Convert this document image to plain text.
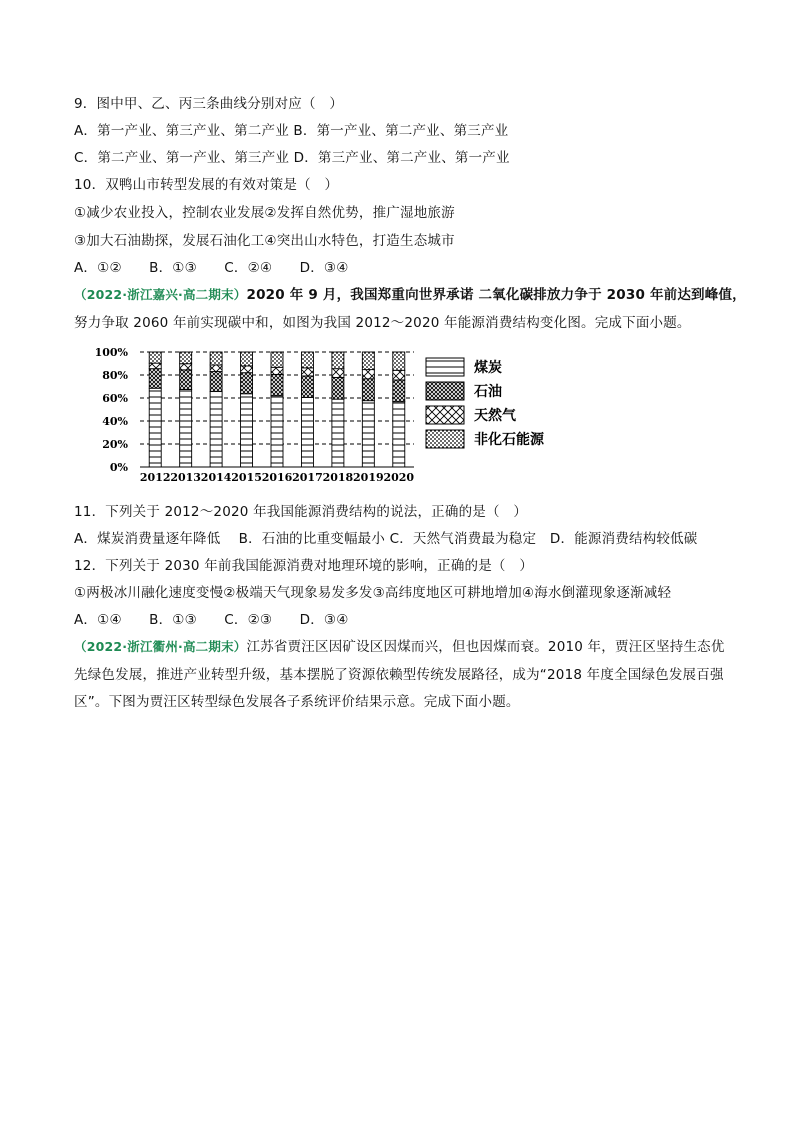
9．图中甲、乙、丙三条曲线分别对应（　）
A．第一产业、第三产业、第二产业 B．第一产业、第二产业、第三产业
C．第二产业、第一产业、第三产业 D．第三产业、第二产业、第一产业
10．双鸭山市转型发展的有效对策是（　）
①减少农业投入，控制农业发展②发挥自然优势，推广湿地旅游
③加大石油勘探，发展石油化工④突出山水特色，打造生态城市
A．①②　　B．①③　　C．②④　　D．③④
（2022·浙江嘉兴·高二期末）2020 年 9 月，我国郑重向世界承诺 二氧化碳排放力争于 2030 年前达到峰值，
努力争取 2060 年前实现碳中和，如图为我国 2012～2020 年能源消费结构变化图。完成下面小题。
0%
20%
40%
60%
80%
100%
2012 2013 2014 2015 2016 2017 2018 2019 2020
煤炭
石油
天然气
非化石能源
11．下列关于 2012～2020 年我国能源消费结构的说法，正确的是（　）
A．煤炭消费量逐年降低　 B．石油的比重变幅最小 C．天然气消费最为稳定　D．能源消费结构较低碳
12．下列关于 2030 年前我国能源消费对地理环境的影响，正确的是（　）
①两极冰川融化速度变慢②极端天气现象易发多发③高纬度地区可耕地增加④海水倒灌现象逐渐减轻
A．①④　　B．①③　　C．②③　　D．③④
（2022·浙江衢州·高二期末）江苏省贾汪区因矿设区因煤而兴，但也因煤而衰。2010 年，贾汪区坚持生态优
先绿色发展，推进产业转型升级，基本摆脱了资源依赖型传统发展路径，成为“2018 年度全国绿色发展百强
区”。下图为贾汪区转型绿色发展各子系统评价结果示意。完成下面小题。
